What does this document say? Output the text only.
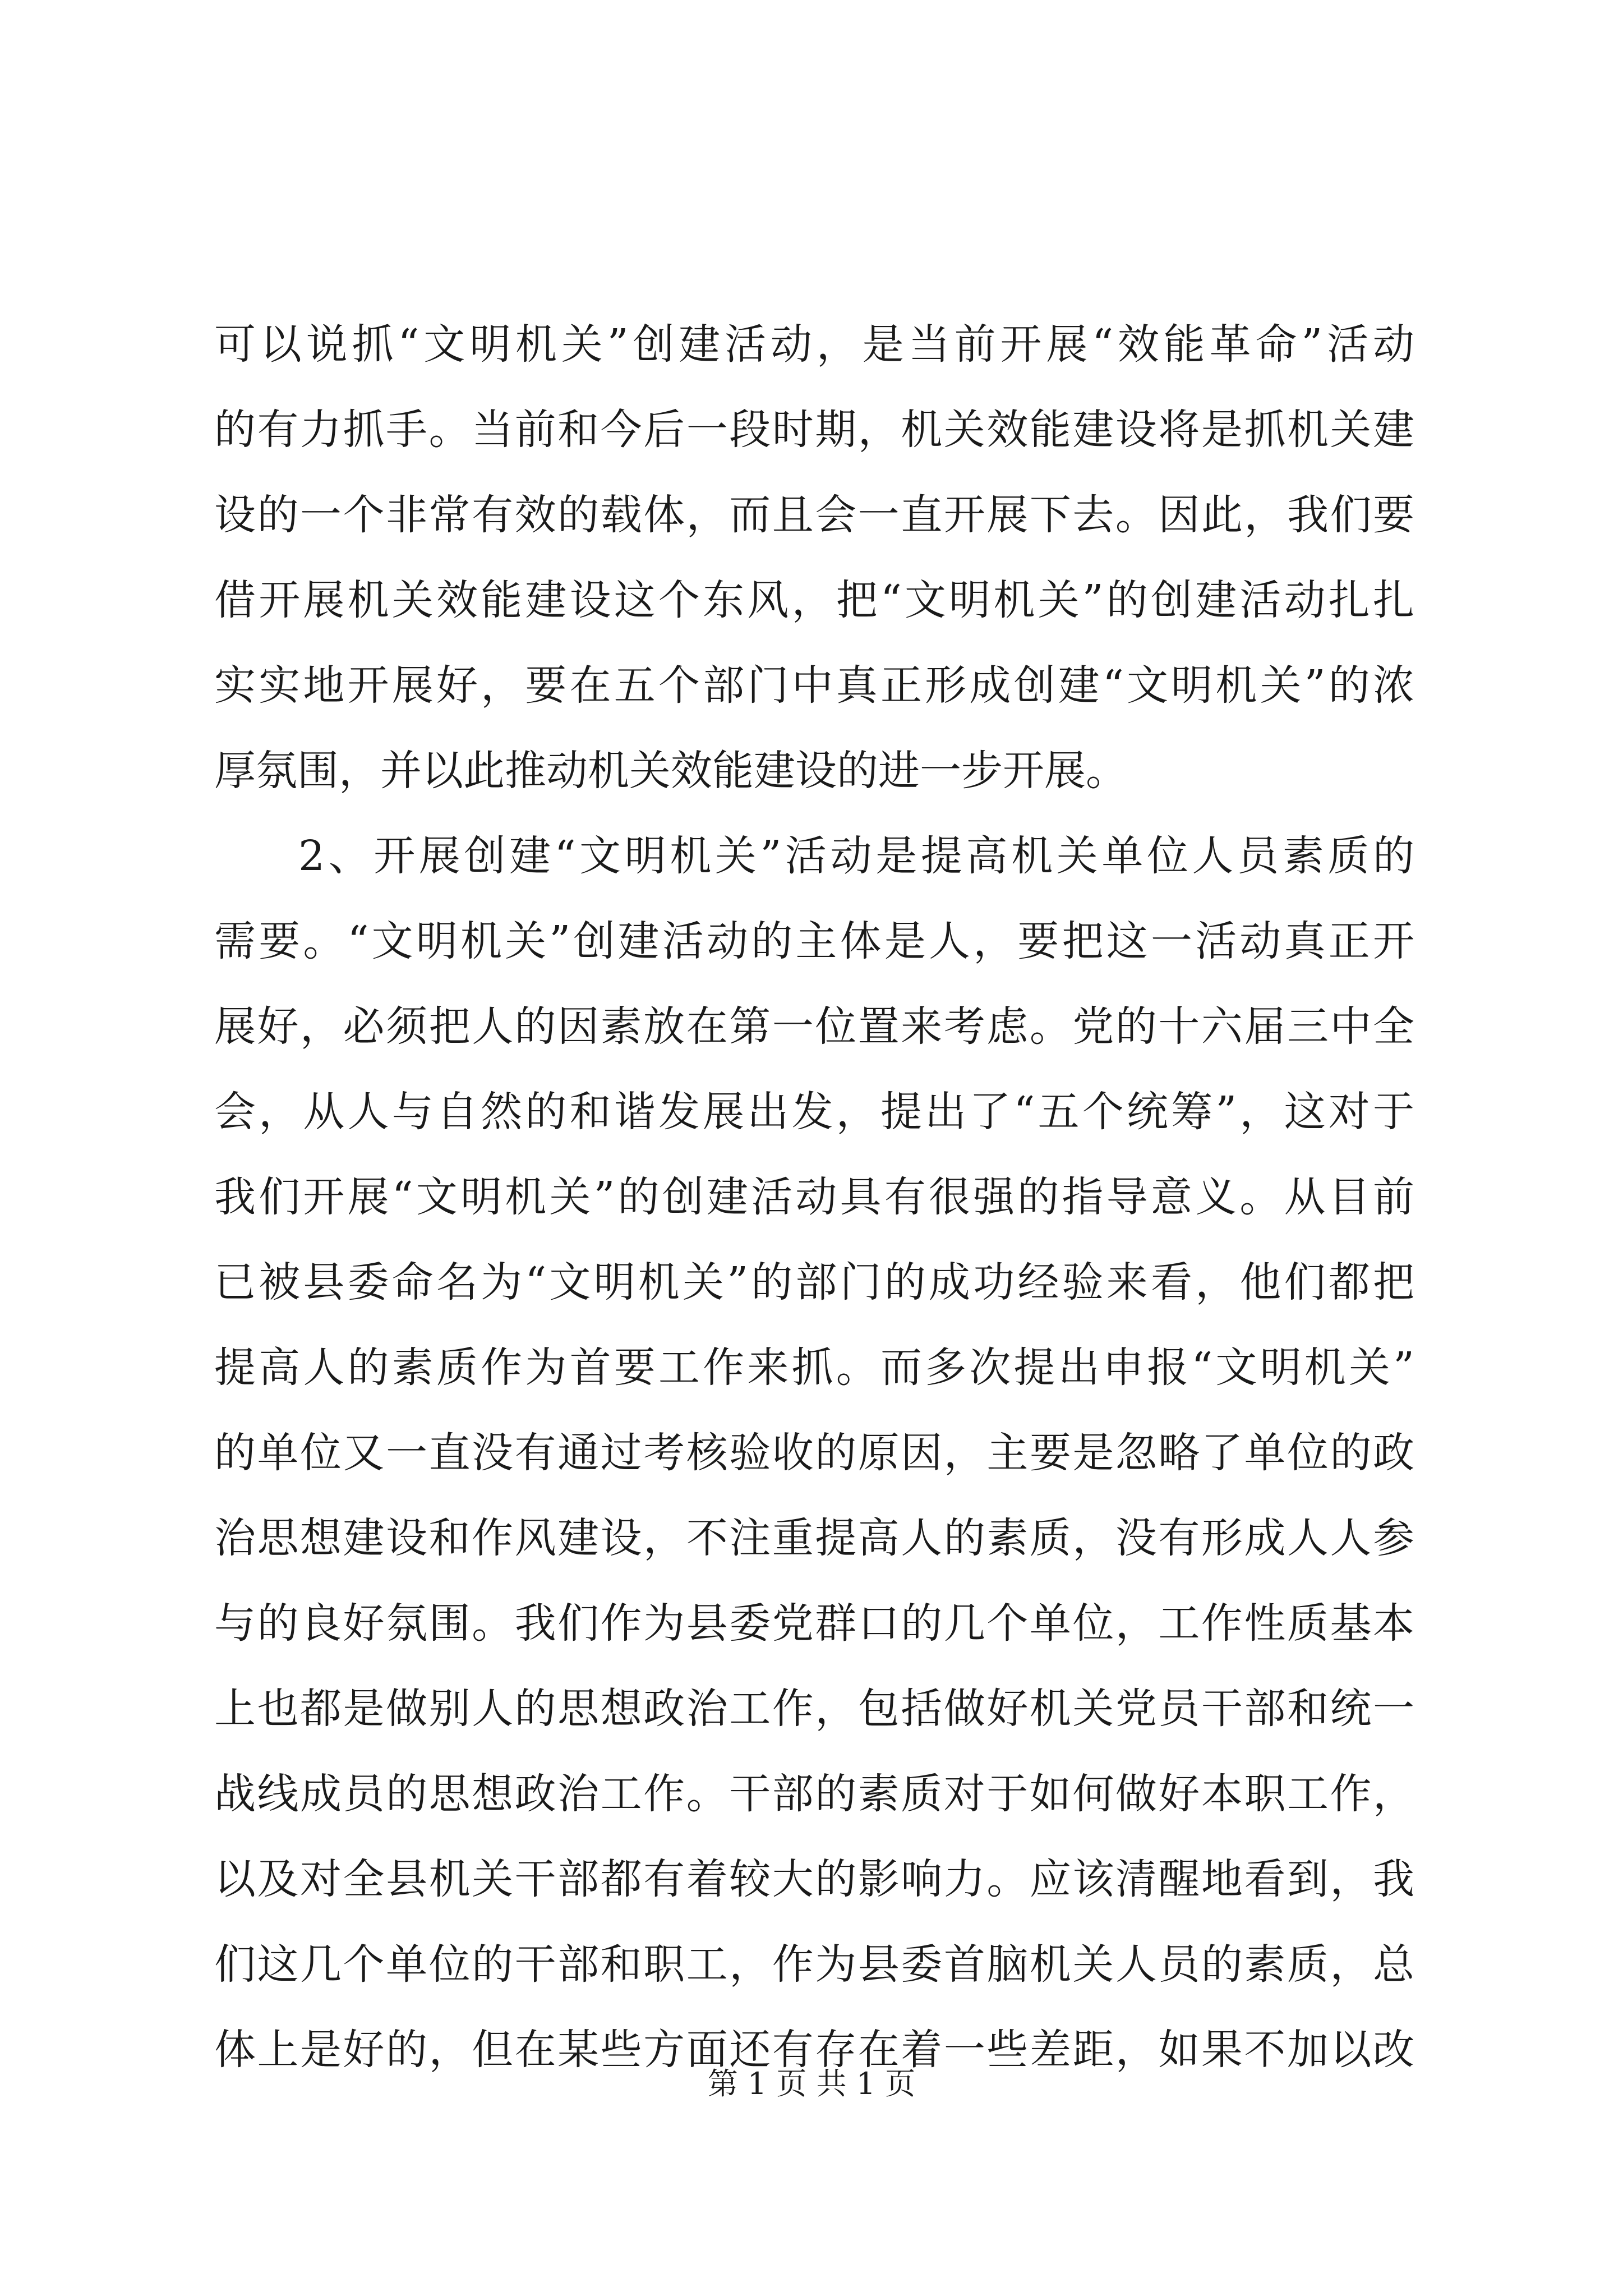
可以说抓“文明机关”创建活动，是当前开展“效能革命”活动
的有力抓手。当前和今后一段时期，机关效能建设将是抓机关建
设的一个非常有效的载体，而且会一直开展下去。因此，我们要
借开展机关效能建设这个东风，把“文明机关”的创建活动扎扎
实实地开展好，要在五个部门中真正形成创建“文明机关”的浓
厚氛围，并以此推动机关效能建设的进一步开展。
2、开展创建“文明机关”活动是提高机关单位人员素质的
需要。“文明机关”创建活动的主体是人，要把这一活动真正开
展好，必须把人的因素放在第一位置来考虑。党的十六届三中全
会，从人与自然的和谐发展出发，提出了“五个统筹”，这对于
我们开展“文明机关”的创建活动具有很强的指导意义。从目前
已被县委命名为“文明机关”的部门的成功经验来看，他们都把
提高人的素质作为首要工作来抓。而多次提出申报“文明机关”
的单位又一直没有通过考核验收的原因，主要是忽略了单位的政
治思想建设和作风建设，不注重提高人的素质，没有形成人人参
与的良好氛围。我们作为县委党群口的几个单位，工作性质基本
上也都是做别人的思想政治工作，包括做好机关党员干部和统一
战线成员的思想政治工作。干部的素质对于如何做好本职工作，
以及对全县机关干部都有着较大的影响力。应该清醒地看到，我
们这几个单位的干部和职工，作为县委首脑机关人员的素质，总
体上是好的，但在某些方面还有存在着一些差距，如果不加以改
第 1 页 共 1 页
